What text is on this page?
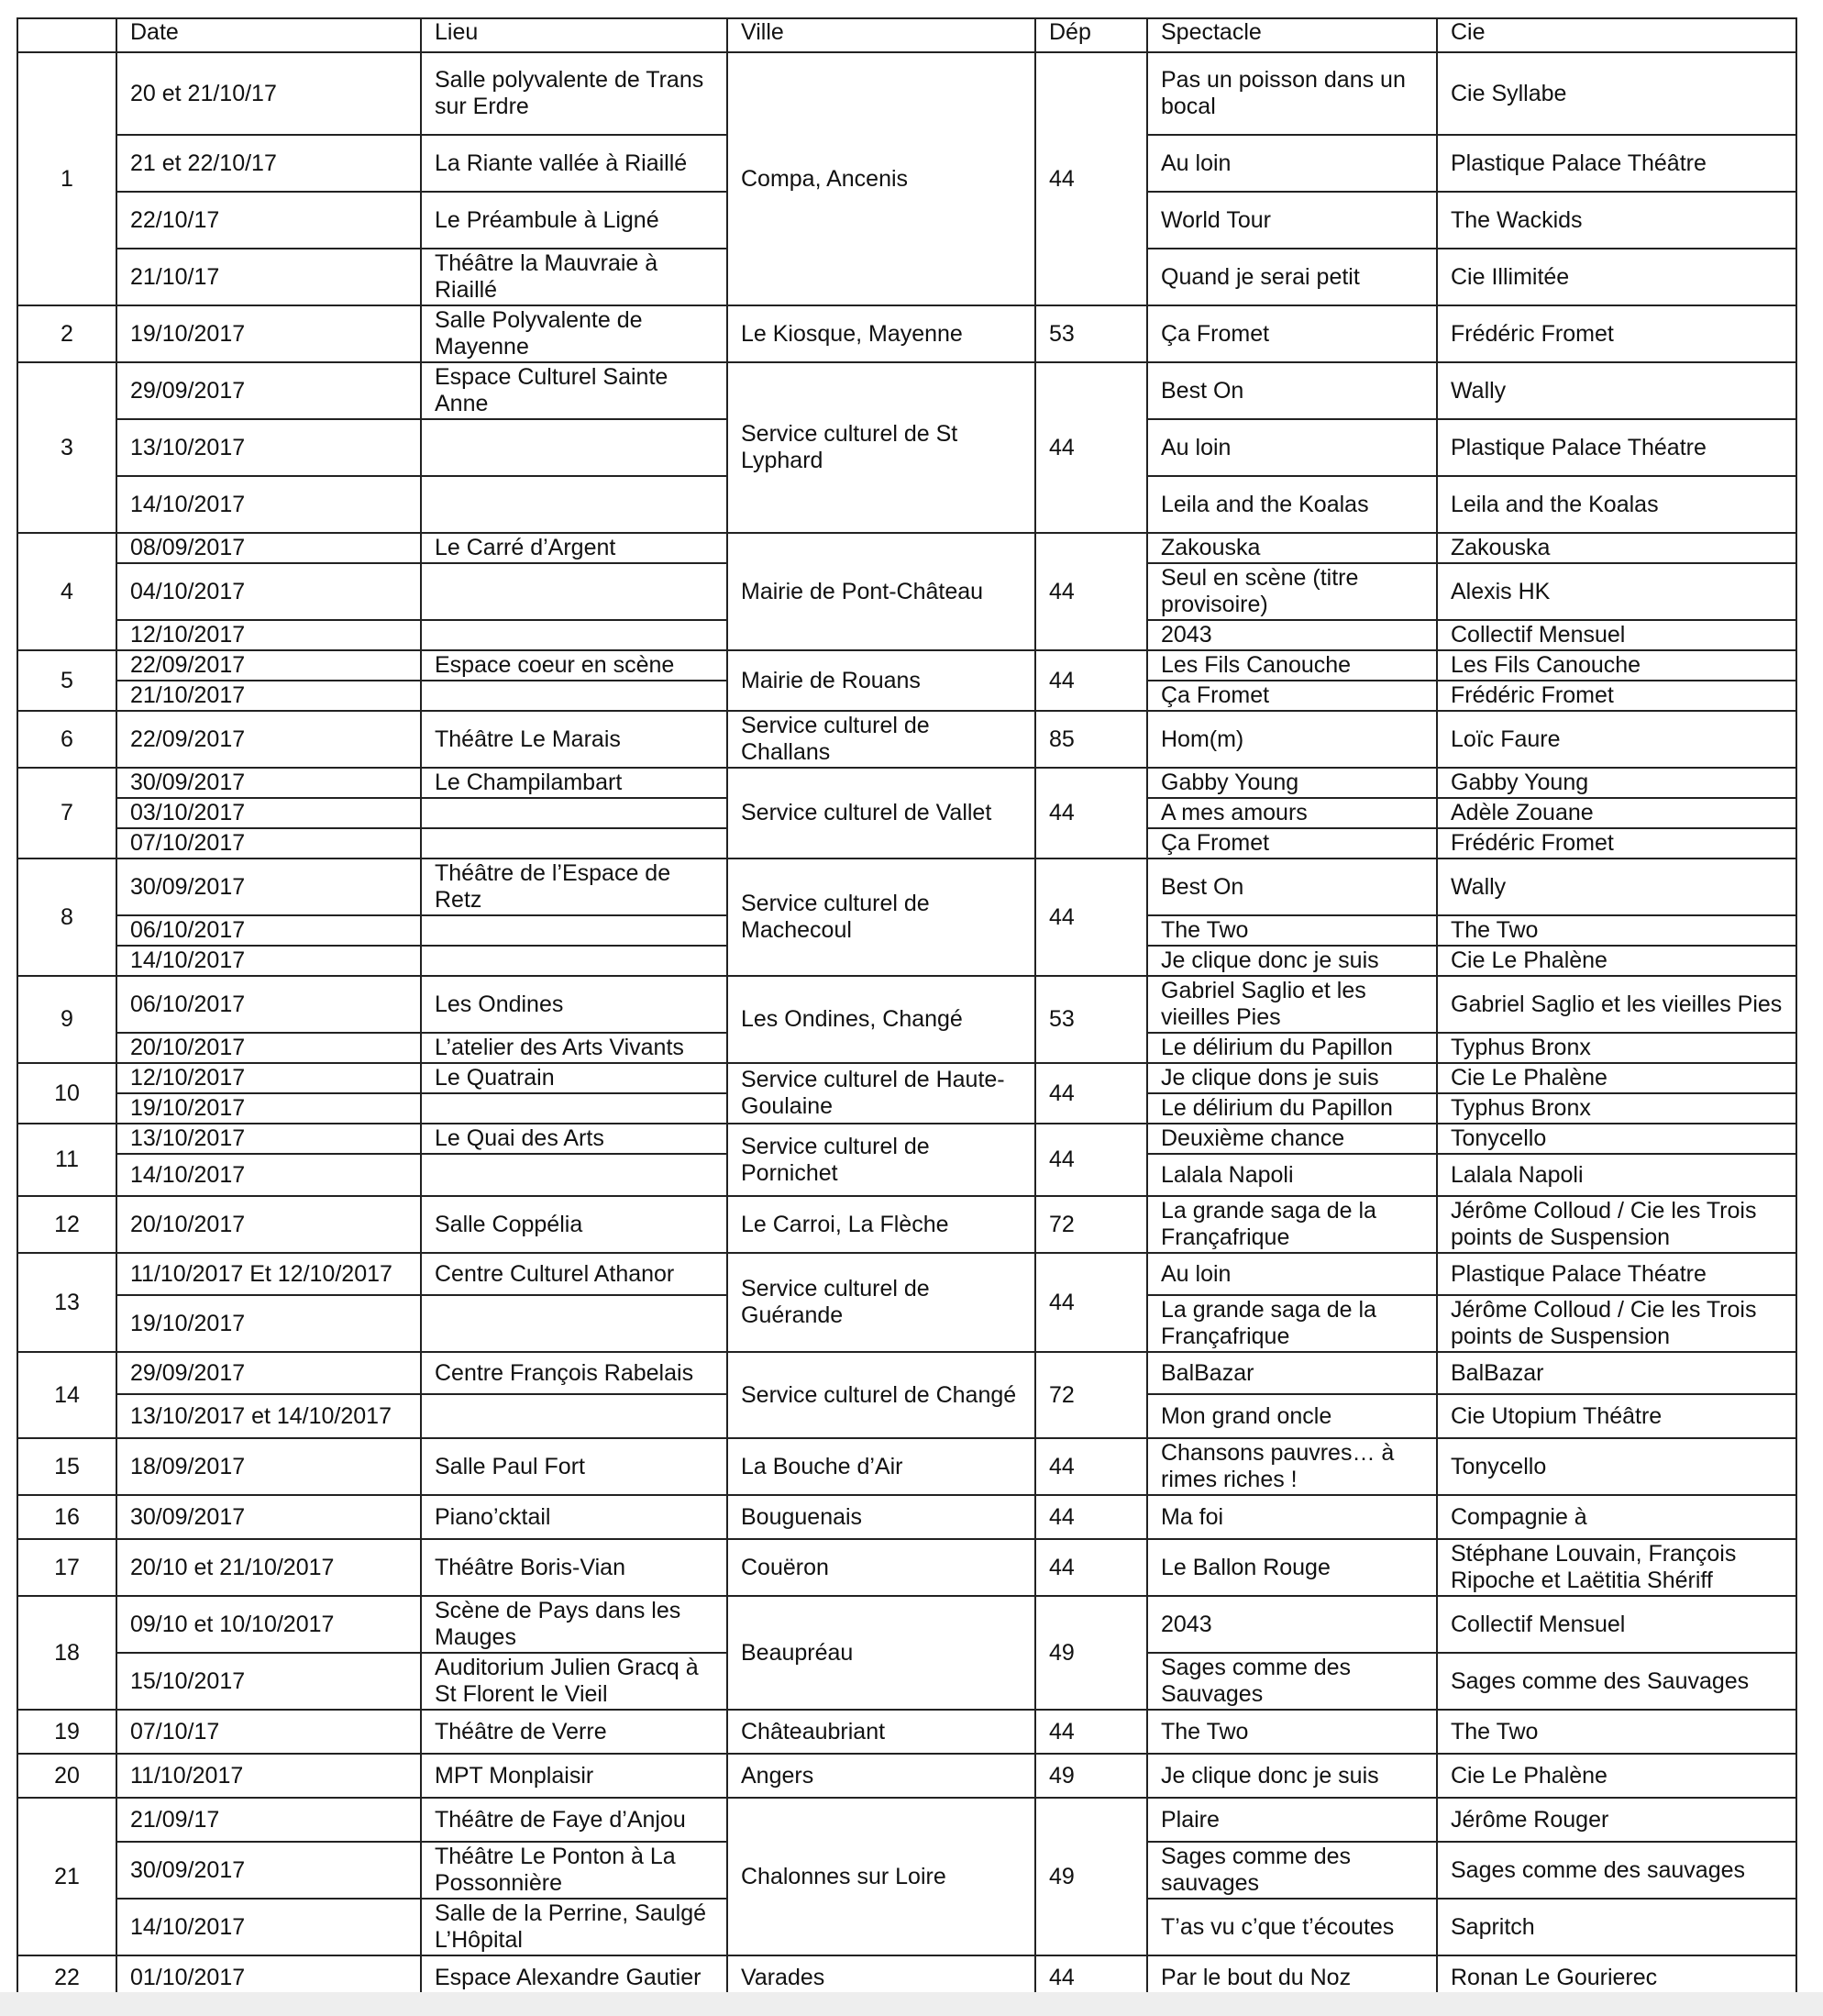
	Date	Lieu	Ville	Dép	Spectacle	Cie
1	20 et 21/10/17	Salle polyvalente de Trans sur Erdre	Compa, Ancenis	44	Pas un poisson dans un bocal	Cie Syllabe
	21 et 22/10/17	La Riante vallée à Riaillé			Au loin	Plastique Palace Théâtre
	22/10/17	Le Préambule à Ligné			World Tour	The Wackids
	21/10/17	Théâtre la Mauvraie à Riaillé			Quand je serai petit	Cie Illimitée
2	19/10/2017	Salle Polyvalente de Mayenne	Le Kiosque, Mayenne	53	Ça Fromet	Frédéric Fromet
3	29/09/2017	Espace Culturel Sainte Anne	Service culturel de St Lyphard	44	Best On	Wally
	13/10/2017				Au loin	Plastique Palace Théatre
	14/10/2017				Leila and the Koalas	Leila and the Koalas
4	08/09/2017	Le Carré d’Argent	Mairie de Pont-Château	44	Zakouska	Zakouska
	04/10/2017				Seul en scène (titre provisoire)	Alexis HK
	12/10/2017				2043	Collectif Mensuel
5	22/09/2017	Espace coeur en scène	Mairie de Rouans	44	Les Fils Canouche	Les Fils Canouche
	21/10/2017				Ça Fromet	Frédéric Fromet
6	22/09/2017	Théâtre Le Marais	Service culturel de Challans	85	Hom(m)	Loïc Faure
7	30/09/2017	Le Champilambart	Service culturel de Vallet	44	Gabby Young	Gabby Young
	03/10/2017				A mes amours	Adèle Zouane
	07/10/2017				Ça Fromet	Frédéric Fromet
8	30/09/2017	Théâtre de l’Espace de Retz	Service culturel de Machecoul	44	Best On	Wally
	06/10/2017				The Two	The Two
	14/10/2017				Je clique donc je suis	Cie Le Phalène
9	06/10/2017	Les Ondines	Les Ondines, Changé	53	Gabriel Saglio et les vieilles Pies	Gabriel Saglio et les vieilles Pies
	20/10/2017	L’atelier des Arts Vivants			Le délirium du Papillon	Typhus Bronx
10	12/10/2017	Le Quatrain	Service culturel de Haute-Goulaine	44	Je clique dons je suis	Cie Le Phalène
	19/10/2017				Le délirium du Papillon	Typhus Bronx
11	13/10/2017	Le Quai des Arts	Service culturel de Pornichet	44	Deuxième chance	Tonycello
	14/10/2017				Lalala Napoli	Lalala Napoli
12	20/10/2017	Salle Coppélia	Le Carroi, La Flèche	72	La grande saga de la Françafrique	Jérôme Colloud / Cie les Trois points de Suspension
13	11/10/2017 Et 12/10/2017	Centre Culturel Athanor	Service culturel de Guérande	44	Au loin	Plastique Palace Théatre
	19/10/2017				La grande saga de la Françafrique	Jérôme Colloud / Cie les Trois points de Suspension
14	29/09/2017	Centre François Rabelais	Service culturel de Changé	72	BalBazar	BalBazar
	13/10/2017 et 14/10/2017				Mon grand oncle	Cie Utopium Théâtre
15	18/09/2017	Salle Paul Fort	La Bouche d’Air	44	Chansons pauvres… à rimes riches !	Tonycello
16	30/09/2017	Piano’cktail	Bouguenais	44	Ma foi	Compagnie à
17	20/10 et 21/10/2017	Théâtre Boris-Vian	Couëron	44	Le Ballon Rouge	Stéphane Louvain, François Ripoche et Laëtitia Shériff
18	09/10 et 10/10/2017	Scène de Pays dans les Mauges	Beaupréau	49	2043	Collectif Mensuel
	15/10/2017	Auditorium Julien Gracq à St Florent le Vieil			Sages comme des Sauvages	Sages comme des Sauvages
19	07/10/17	Théâtre de Verre	Châteaubriant	44	The Two	The Two
20	11/10/2017	MPT Monplaisir	Angers	49	Je clique donc je suis	Cie Le Phalène
21	21/09/17	Théâtre de Faye d’Anjou	Chalonnes sur Loire	49	Plaire	Jérôme Rouger
	30/09/2017	Théâtre Le Ponton à La Possonnière			Sages comme des sauvages	Sages comme des sauvages
	14/10/2017	Salle de la Perrine, Saulgé L’Hôpital			T’as vu c’que t’écoutes	Sapritch
22	01/10/2017	Espace Alexandre Gautier	Varades	44	Par le bout du Noz	Ronan Le Gourierec
